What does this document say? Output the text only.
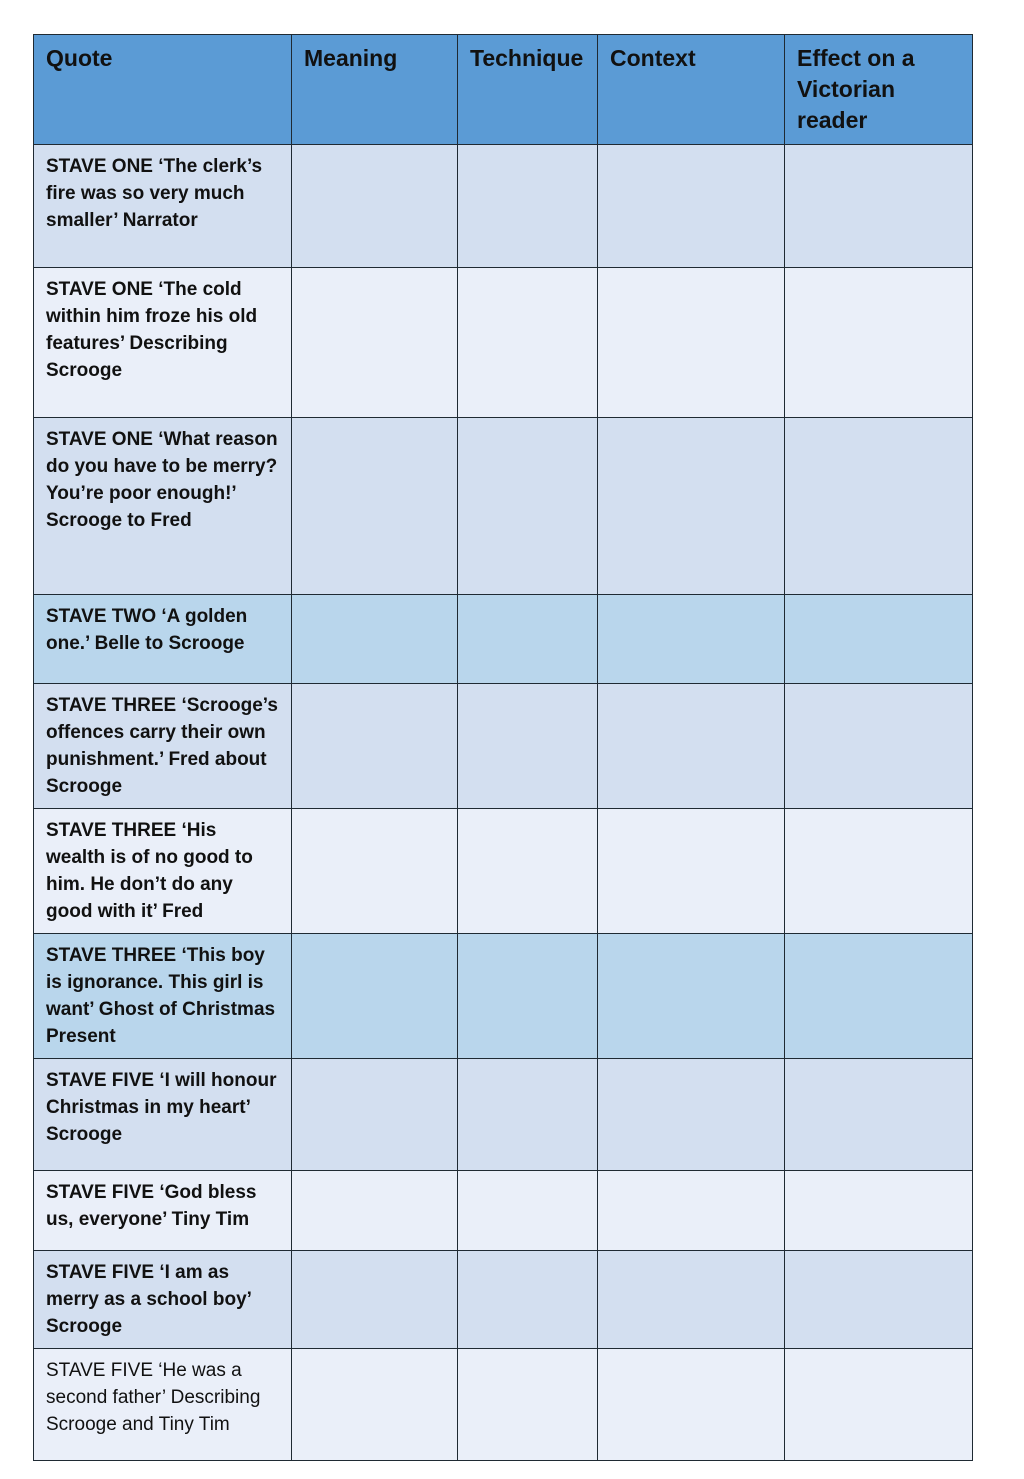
Quote	Meaning	Technique	Context	Effect on a Victorian reader
STAVE ONE ‘The clerk’s fire was so very much smaller’ Narrator				
STAVE ONE ‘The cold within him froze his old features’ Describing Scrooge				
STAVE ONE ‘What reason do you have to be merry? You’re poor enough!’ Scrooge to Fred				
STAVE TWO ‘A golden one.’ Belle to Scrooge				
STAVE THREE ‘Scrooge’s offences carry their own punishment.’ Fred about Scrooge				
STAVE THREE ‘His wealth is of no good to him. He don’t do any good with it’ Fred				
STAVE THREE ‘This boy is ignorance. This girl is want’ Ghost of Christmas Present				
STAVE FIVE ‘I will honour Christmas in my heart’ Scrooge				
STAVE FIVE ‘God bless us, everyone’ Tiny Tim				
STAVE FIVE ‘I am as merry as a school boy’ Scrooge				
STAVE FIVE ‘He was a second father’ Describing Scrooge and Tiny Tim				
